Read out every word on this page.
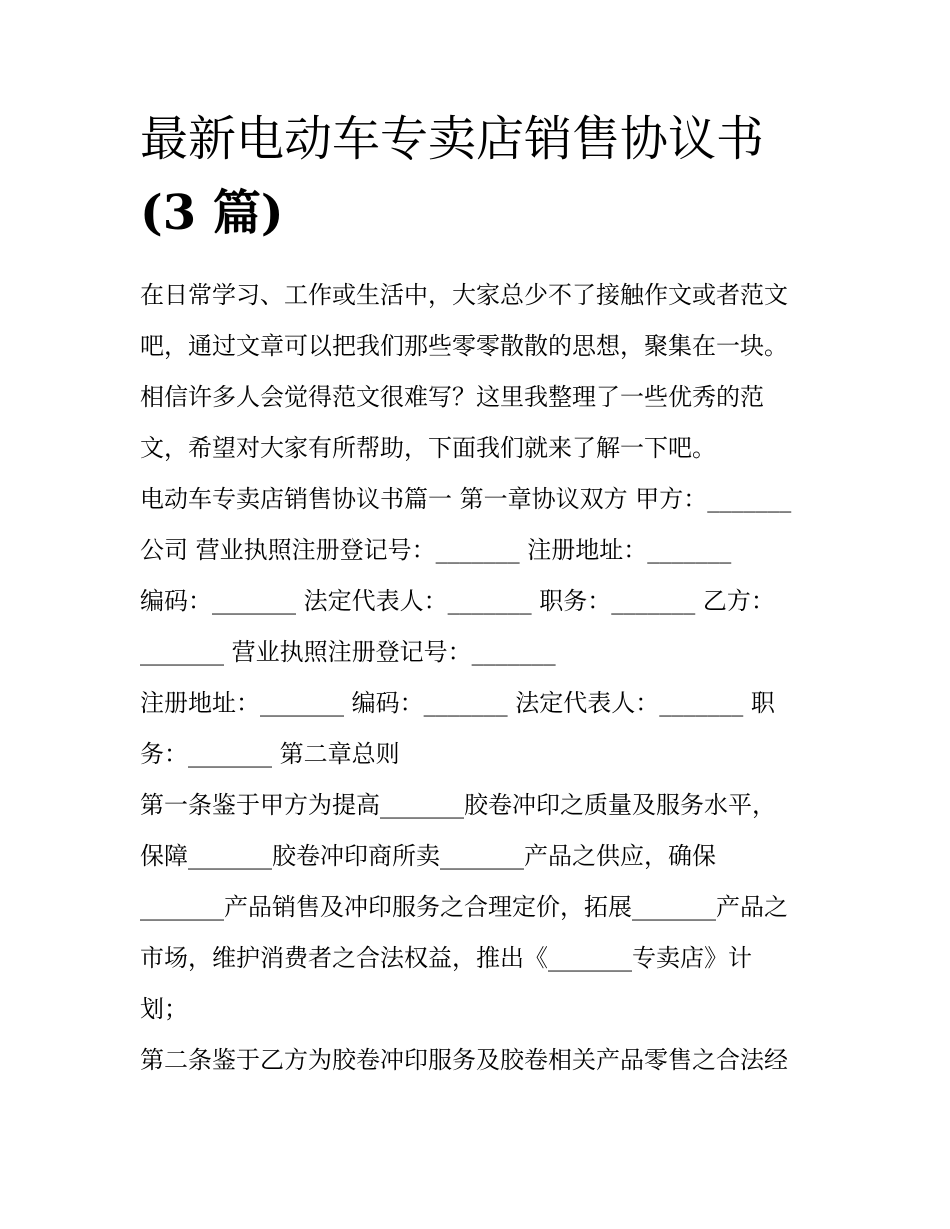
最新电动车专卖店销售协议书
(3 篇)
在日常学习、工作或生活中，大家总少不了接触作文或者范文
吧，通过文章可以把我们那些零零散散的思想，聚集在一块。
相信许多人会觉得范文很难写？这里我整理了一些优秀的范
文，希望对大家有所帮助，下面我们就来了解一下吧。
电动车专卖店销售协议书篇一 第一章协议双方 甲方：_______
公司 营业执照注册登记号：_______ 注册地址：_______
编码：_______ 法定代表人：_______ 职务：_______ 乙方：
_______ 营业执照注册登记号：_______
注册地址：_______ 编码：_______ 法定代表人：_______ 职
务：_______ 第二章总则
第一条鉴于甲方为提高_______胶卷冲印之质量及服务水平，
保障_______胶卷冲印商所卖_______产品之供应，确保
_______产品销售及冲印服务之合理定价，拓展_______产品之
市场，维护消费者之合法权益，推出《_______专卖店》计
划；
第二条鉴于乙方为胶卷冲印服务及胶卷相关产品零售之合法经
